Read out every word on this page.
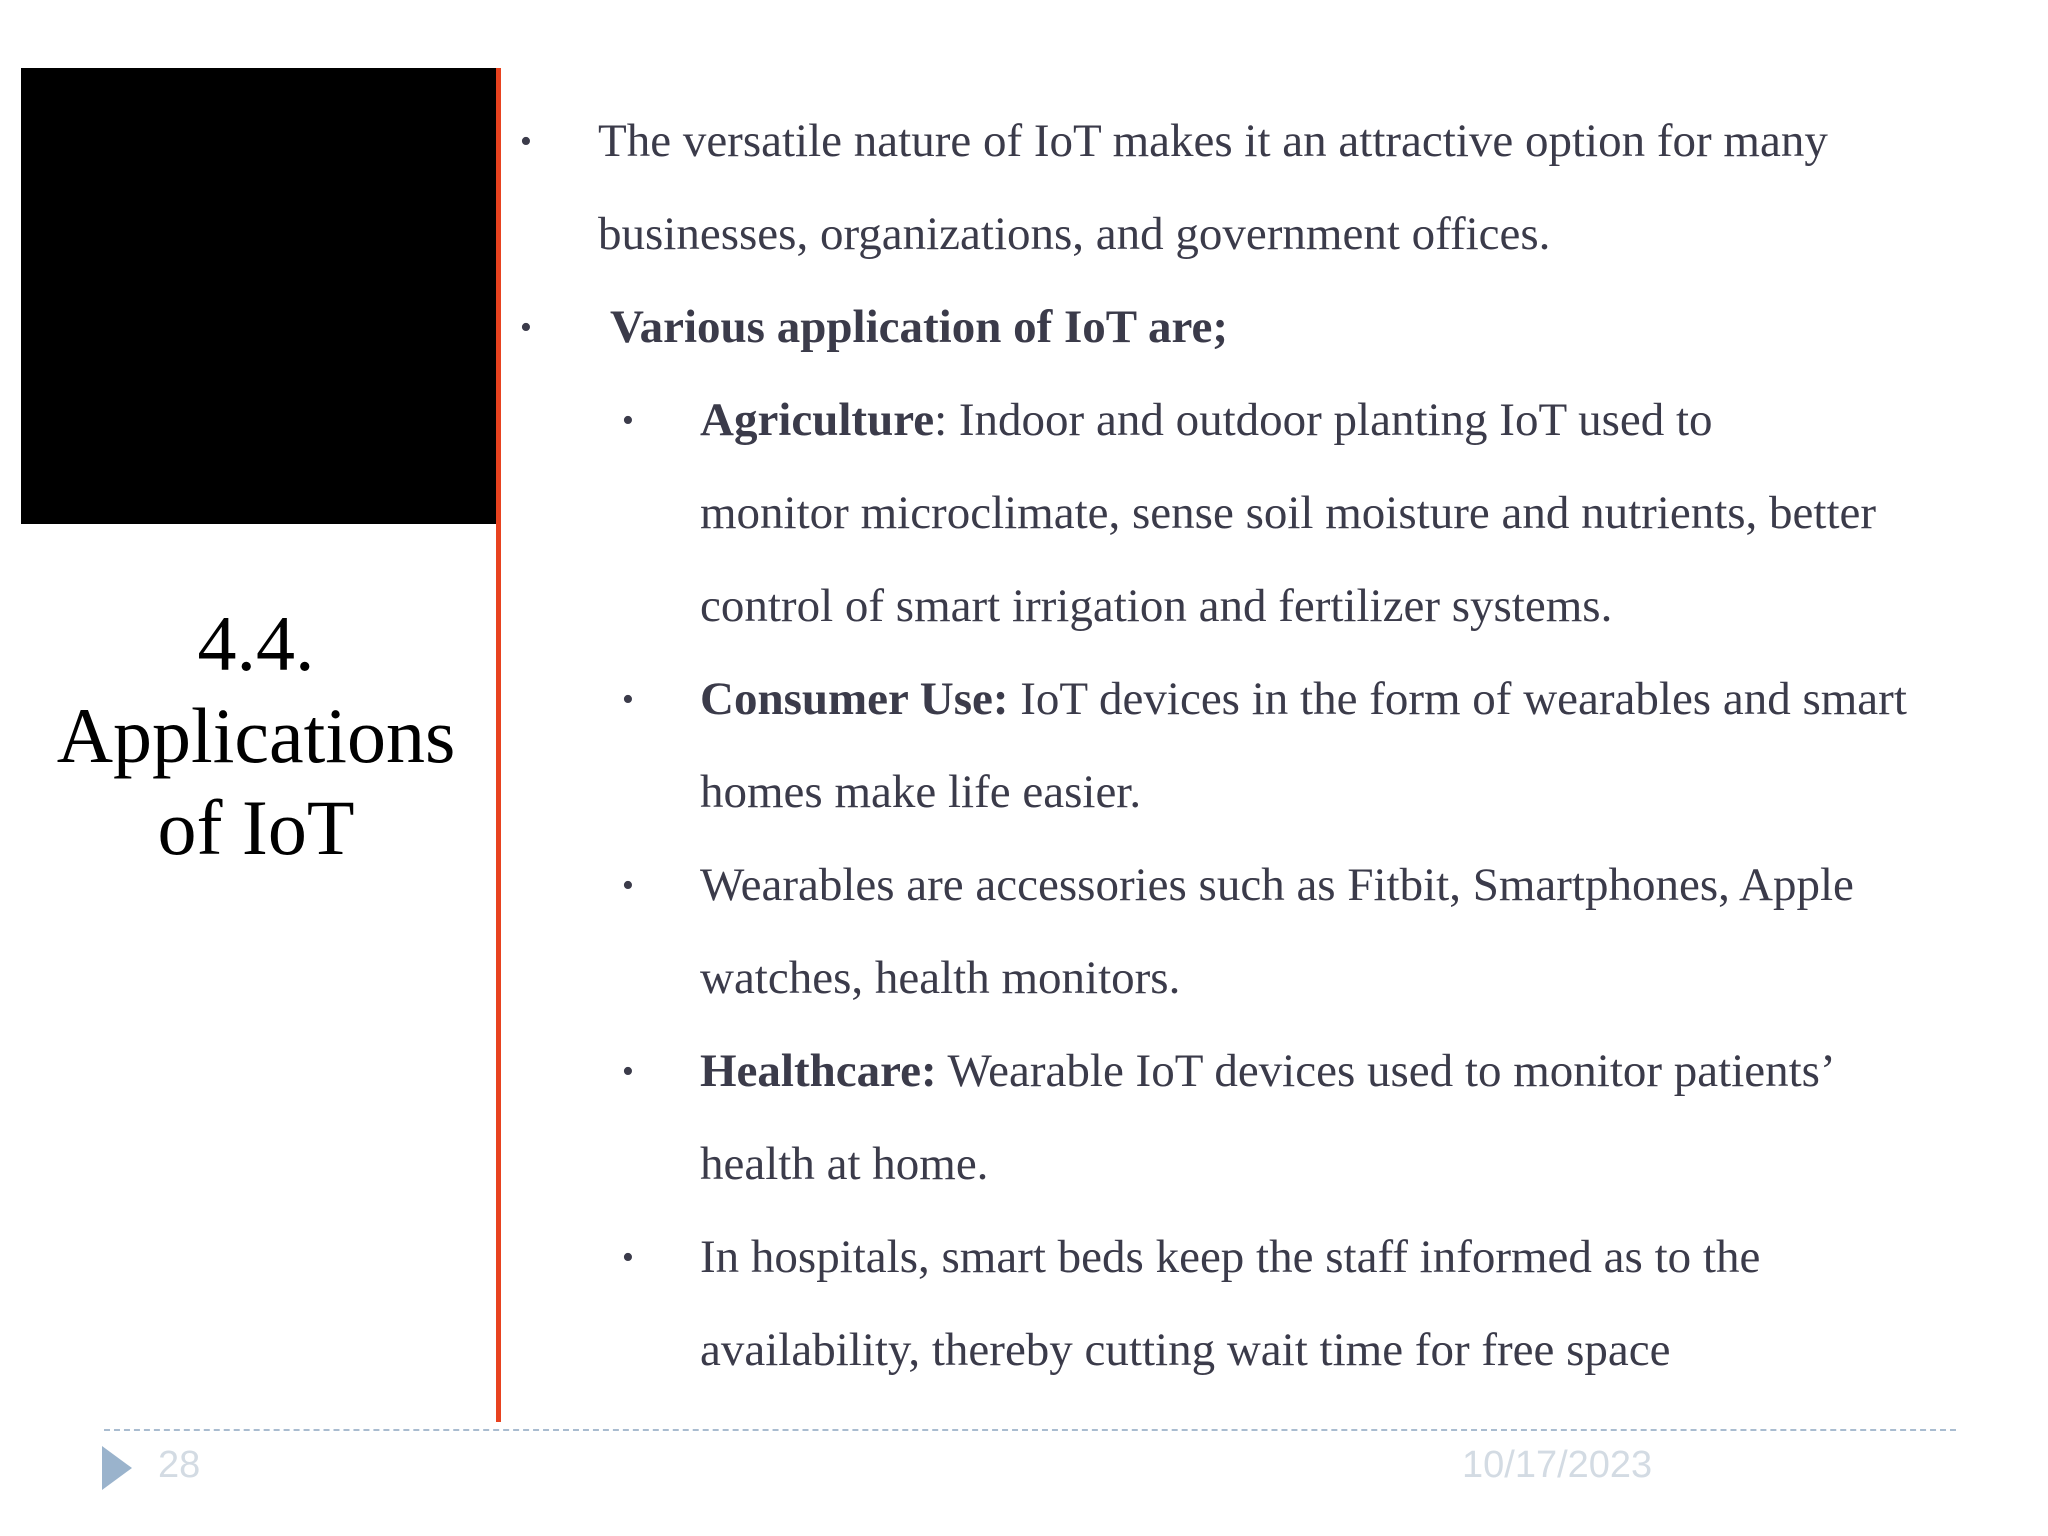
4.4.
Applications
of IoT
• The versatile nature of IoT makes it an attractive option for many
businesses, organizations, and government offices.
• Various application of IoT are;
• Agriculture: Indoor and outdoor planting IoT used to
monitor microclimate, sense soil moisture and nutrients, better
control of smart irrigation and fertilizer systems.
• Consumer Use: IoT devices in the form of wearables and smart
homes make life easier.
• Wearables are accessories such as Fitbit, Smartphones, Apple
watches, health monitors.
• Healthcare: Wearable IoT devices used to monitor patients’
health at home.
• In hospitals, smart beds keep the staff informed as to the
availability, thereby cutting wait time for free space
28	10/17/2023
